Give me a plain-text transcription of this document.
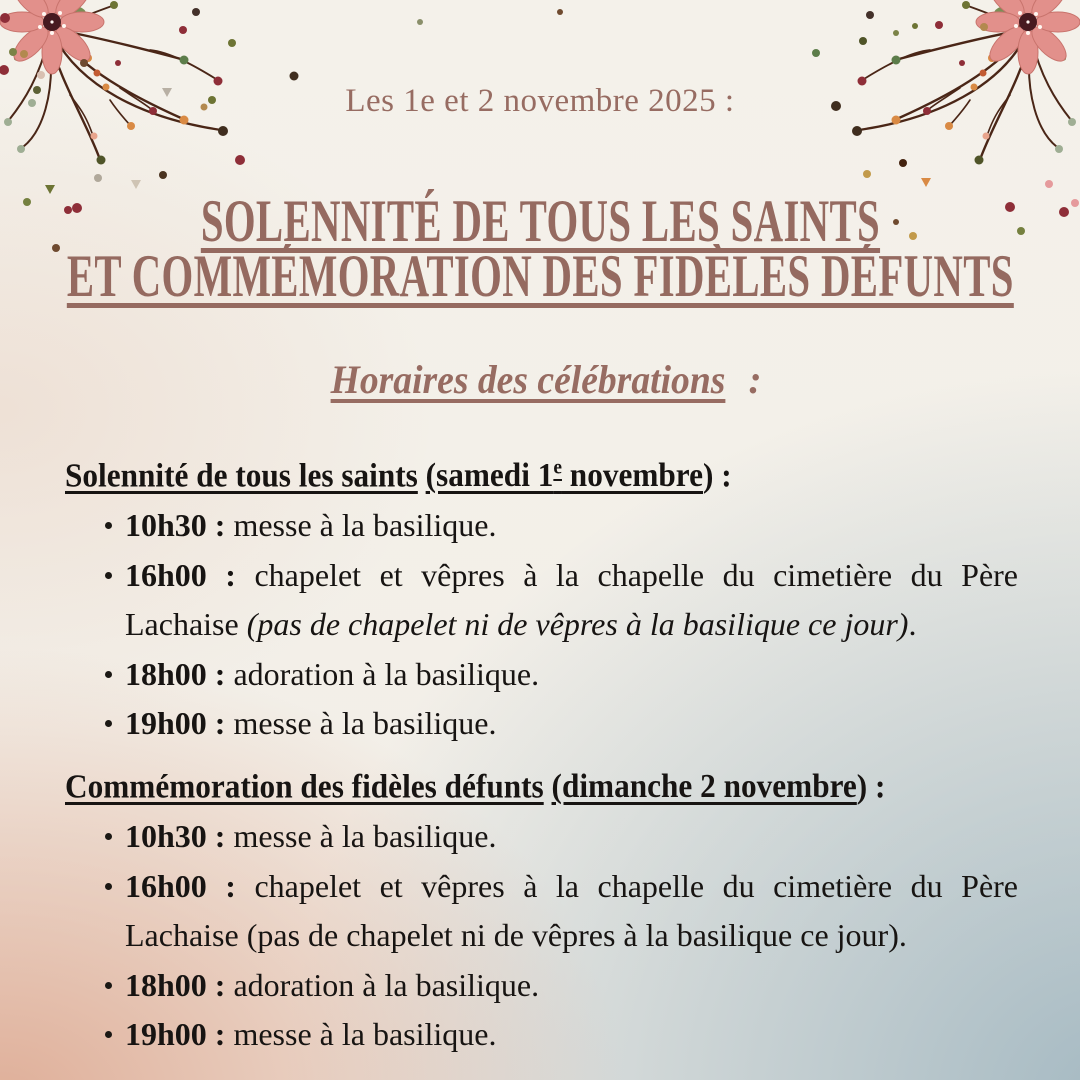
Les 1e et 2 novembre 2025 :
SOLENNITÉ DE TOUS LES SAINTS
ET COMMÉMORATION DES FIDÈLES DÉFUNTS
Horaires des célébrations :
Solennité de tous les saints (samedi 1e novembre) :
10h30 : messe à la basilique.
16h00 : chapelet et vêpres à la chapelle du cimetière du Père Lachaise (pas de chapelet ni de vêpres à la basilique ce jour).
18h00 : adoration à la basilique.
19h00 : messe à la basilique.
Commémoration des fidèles défunts (dimanche 2 novembre) :
10h30 : messe à la basilique.
16h00 : chapelet et vêpres à la chapelle du cimetière du Père Lachaise (pas de chapelet ni de vêpres à la basilique ce jour).
18h00 : adoration à la basilique.
19h00 : messe à la basilique.
